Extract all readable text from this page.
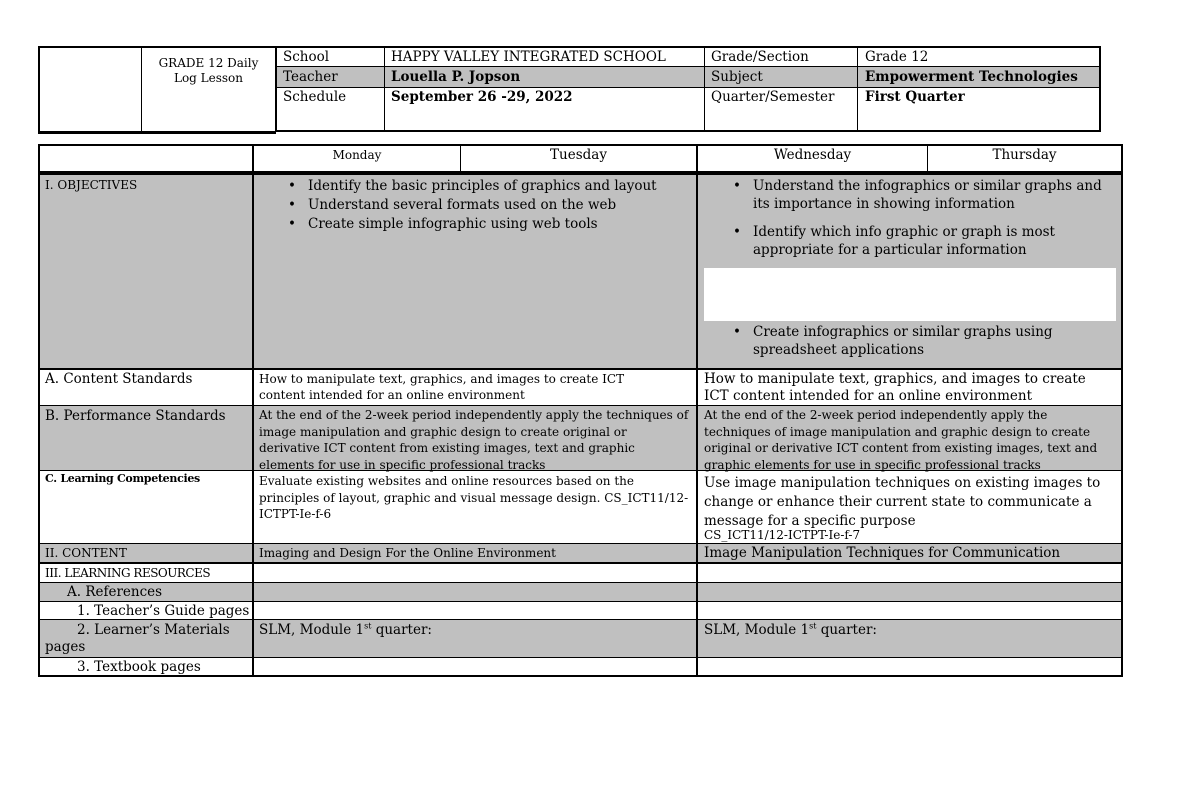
GRADE 12 Daily
Log Lesson
School	HAPPY VALLEY INTEGRATED SCHOOL	Grade/Section	Grade 12
Teacher	Louella P. Jopson	Subject	Empowerment Technologies
Schedule	September 26 -29, 2022	Quarter/Semester First Quarter
Monday	Tuesday	Wednesday	Thursday
I. OBJECTIVES
•	Identify the basic principles of graphics and layout
• Understand several formats used on the web
• Create simple infographic using web tools
• Understand the infographics or similar graphs and its importance in showing information
• Identify which info graphic or graph is most appropriate for a particular information
• Create infographics or similar graphs using spreadsheet applications
A. Content Standards	How to manipulate text, graphics, and images to create ICT content intended for an online environment
How to manipulate text, graphics, and images to create ICT content intended for an online environment
B. Performance Standards	At the end of the 2-week period independently apply the techniques of image manipulation and graphic design to create original or derivative ICT content from existing images, text and graphic elements for use in specific professional tracks
At the end of the 2-week period independently apply the techniques of image manipulation and graphic design to create original or derivative ICT content from existing images, text and graphic elements for use in specific professional tracks
C. Learning Competencies	Evaluate existing websites and online resources based on the principles of layout, graphic and visual message design. CS_ICT11/12-ICTPT-Ie-f-6
Use image manipulation techniques on existing images to change or enhance their current state to communicate a message for a specific purpose
CS_ICT11/12-ICTPT-Ie-f-7
II. CONTENT	Imaging and Design For the Online Environment	Image Manipulation Techniques for Communication
III. LEARNING RESOURCES
A. References
1. Teacher’s Guide pages
2. Learner’s Materials
pages
SLM, Module 1st quarter:	SLM, Module 1st quarter:
3. Textbook pages
